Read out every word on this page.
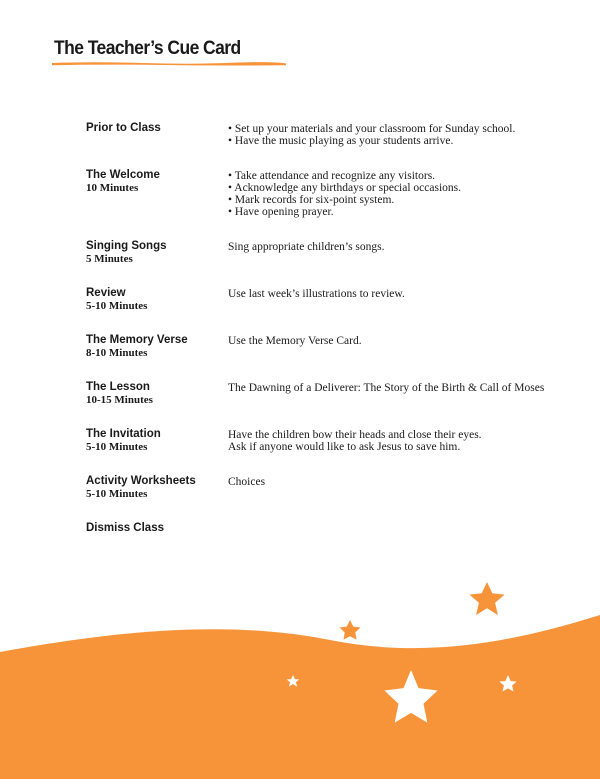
The Teacher’s Cue Card
Prior to Class	• Set up your materials and your classroom for Sunday school.
• Have the music playing as your students arrive.
The Welcome
10 Minutes
• Take attendance and recognize any visitors.
• Acknowledge any birthdays or special occasions.
• Mark records for six-point system.
• Have opening prayer.
Singing Songs
5 Minutes
Sing appropriate children’s songs.
Review
5-10 Minutes
Use last week’s illustrations to review.
The Memory Verse
8-10 Minutes
Use the Memory Verse Card.
The Lesson
10-15 Minutes
The Dawning of a Deliverer: The Story of the Birth & Call of Moses
The Invitation
5-10 Minutes
Have the children bow their heads and close their eyes.
Ask if anyone would like to ask Jesus to save him.
Activity Worksheets
5-10 Minutes
Choices
Dismiss Class
